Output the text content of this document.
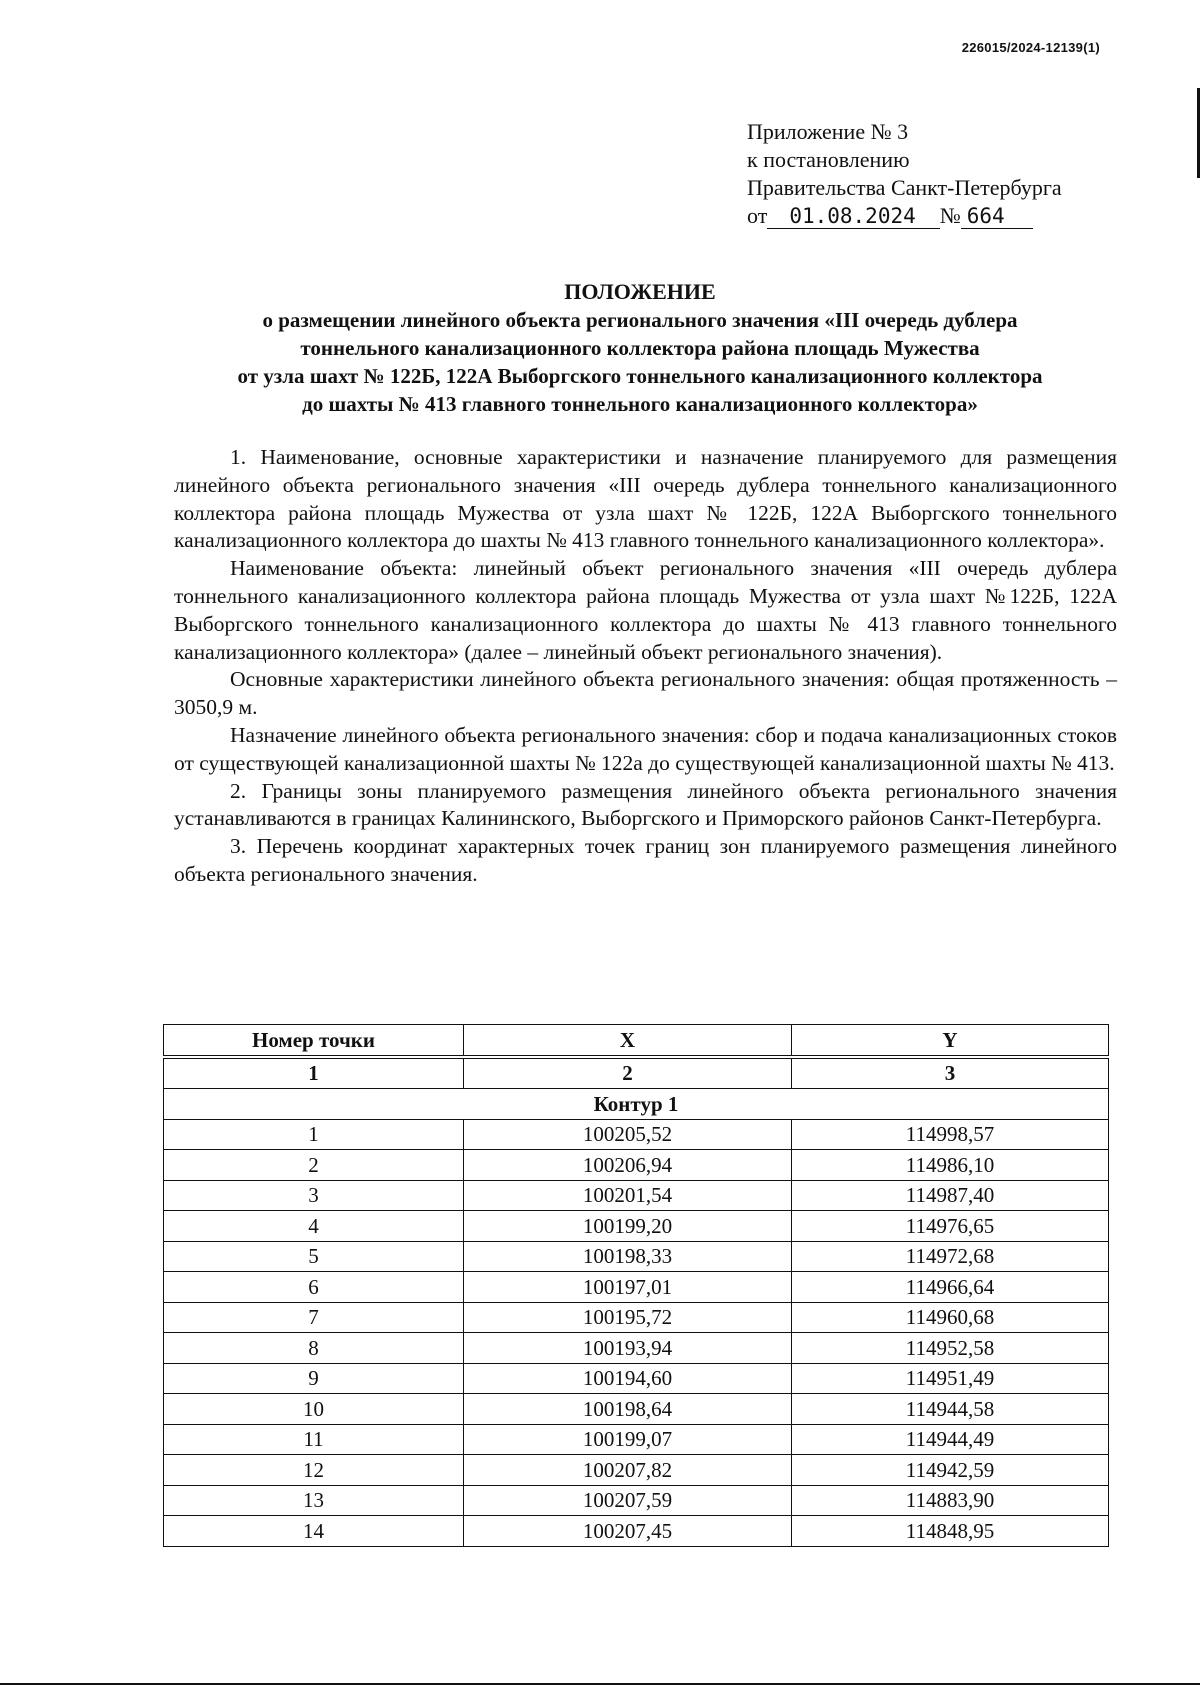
226015/2024-12139(1)
Приложение № 3
к постановлению
Правительства Санкт-Петербурга
от 01.08.2024 № 664
ПОЛОЖЕНИЕ
о размещении линейного объекта регионального значения «III очередь дублера
тоннельного канализационного коллектора района площадь Мужества
от узла шахт № 122Б, 122А Выборгского тоннельного канализационного коллектора
до шахты № 413 главного тоннельного канализационного коллектора»

1. Наименование, основные характеристики и назначение планируемого для размещения линейного объекта регионального значения «III очередь дублера тоннельного канализационного коллектора района площадь Мужества от узла шахт № 122Б, 122А Выборгского тоннельного канализационного коллектора до шахты № 413 главного тоннельного канализационного коллектора».

Наименование объекта: линейный объект регионального значения «III очередь дублера тоннельного канализационного коллектора района площадь Мужества от узла шахт №122Б, 122А Выборгского тоннельного канализационного коллектора до шахты № 413 главного тоннельного канализационного коллектора» (далее – линейный объект регионального значения).

Основные характеристики линейного объекта регионального значения: общая протяженность – 3050,9 м.

Назначение линейного объекта регионального значения: сбор и подача канализационных стоков от существующей канализационной шахты № 122а до существующей канализационной шахты № 413.

2. Границы зоны планируемого размещения линейного объекта регионального значения устанавливаются в границах Калининского, Выборгского и Приморского районов Санкт-Петербурга.

3. Перечень координат характерных точек границ зон планируемого размещения линейного объекта регионального значения.

Номер точки	X	Y

1	2	3
Контур 1		
1	100205,52	114998,57
2	100206,94	114986,10
3	100201,54	114987,40
4	100199,20	114976,65
5	100198,33	114972,68
6	100197,01	114966,64
7	100195,72	114960,68
8	100193,94	114952,58
9	100194,60	114951,49
10	100198,64	114944,58
11	100199,07	114944,49
12	100207,82	114942,59
13	100207,59	114883,90
14	100207,45	114848,95
